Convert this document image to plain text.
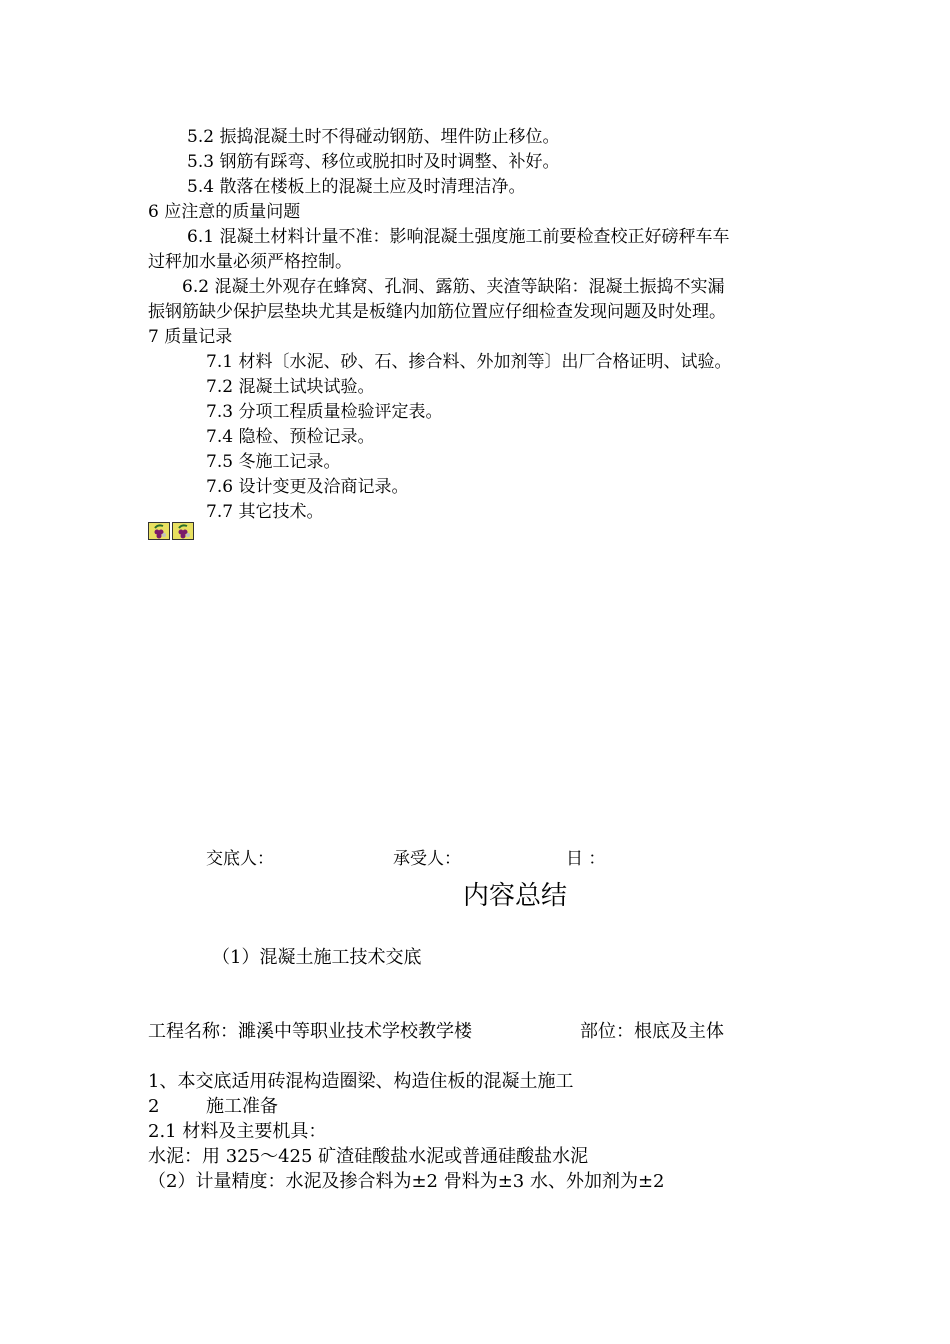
5.2 振捣混凝土时不得碰动钢筋、埋件防止移位。
5.3 钢筋有踩弯、移位或脱扣时及时调整、补好。
5.4 散落在楼板上的混凝土应及时清理洁净。
6 应注意的质量问题
6.1 混凝土材料计量不准：影响混凝土强度施工前要检查校正好磅秤车车
过秤加水量必须严格控制。
6.2 混凝土外观存在蜂窝、孔洞、露筋、夹渣等缺陷：混凝土振捣不实漏
振钢筋缺少保护层垫块尤其是板缝内加筋位置应仔细检查发现问题及时处理。
7 质量记录
7.1 材料〔水泥、砂、石、掺合料、外加剂等〕出厂合格证明、试验。
7.2 混凝土试块试验。
7.3 分项工程质量检验评定表。
7.4 隐检、预检记录。
7.5 冬施工记录。
7.6 设计变更及洽商记录。
7.7 其它技术。
交底人：	承受人：	日 ：
内容总结
（1）混凝土施工技术交底
工程名称：濉溪中等职业技术学校教学楼	部位：根底及主体
1、本交底适用砖混构造圈梁、构造住板的混凝土施工
2	施工准备
2.1 材料及主要机具：
水泥：用 325～425 矿渣硅酸盐水泥或普通硅酸盐水泥
（2）计量精度：水泥及掺合料为±2 骨料为±3 水、外加剂为±2
